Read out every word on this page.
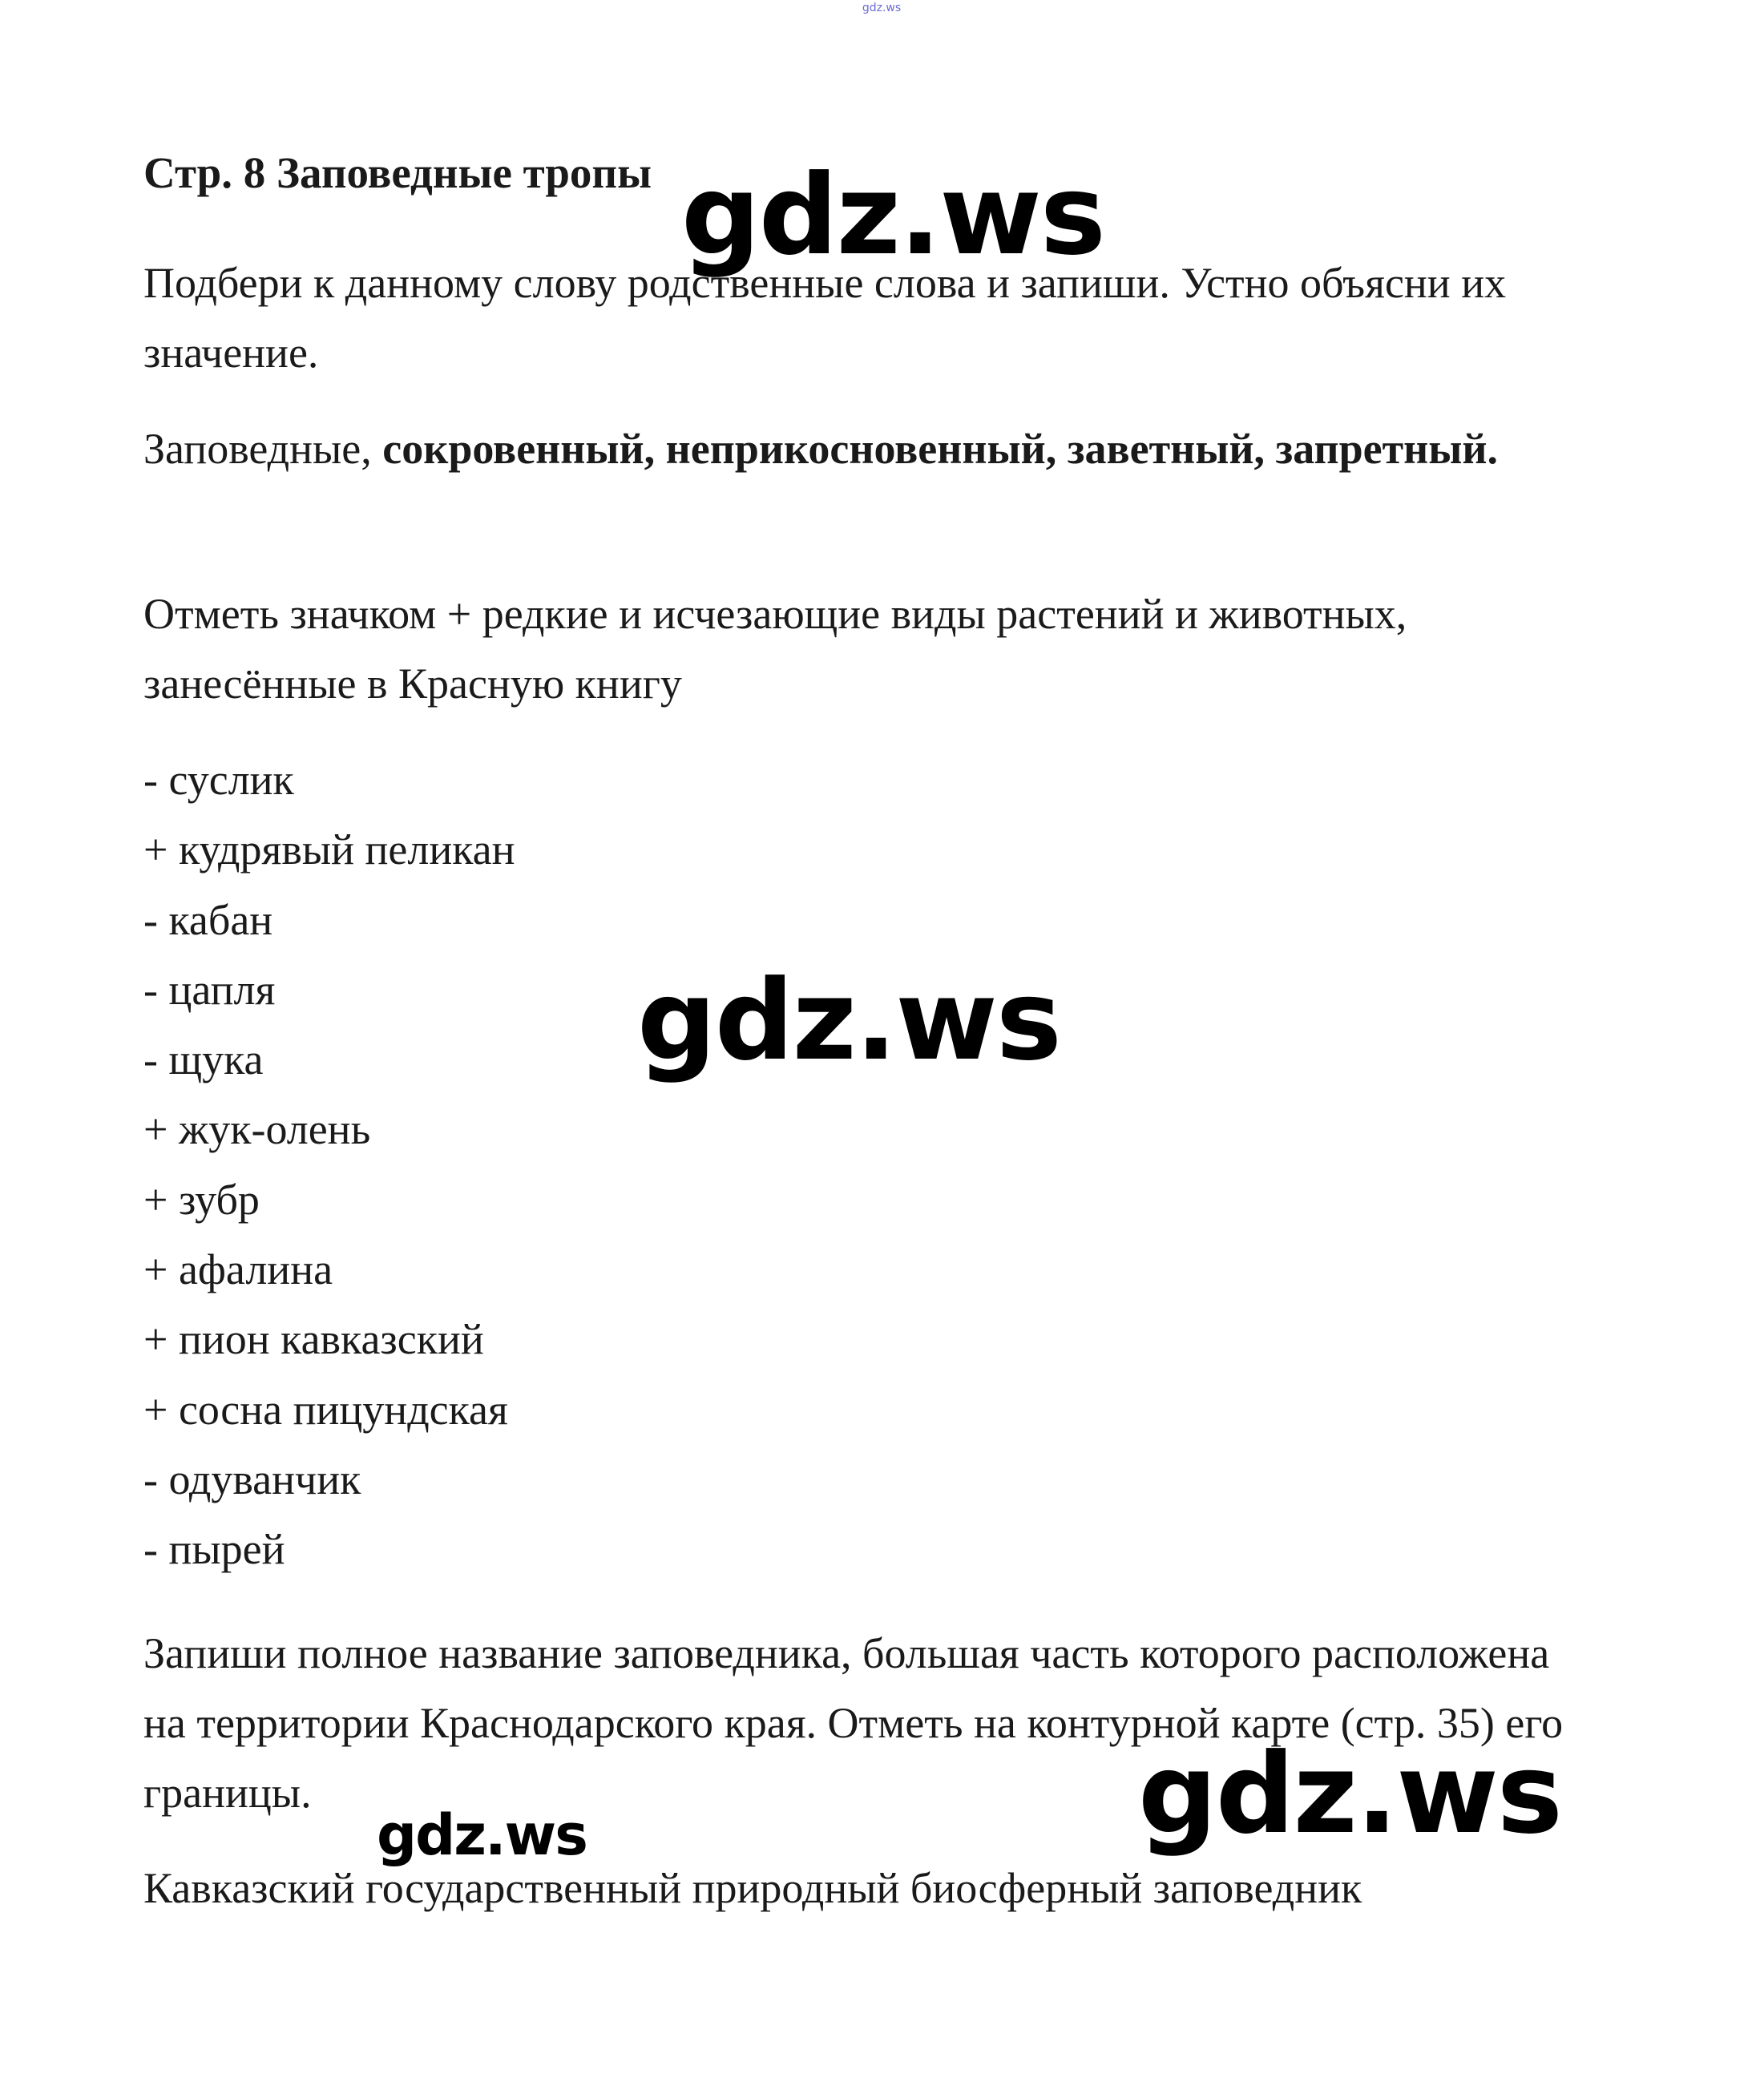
gdz.ws
Стр. 8 Заповедные тропы

Подбери к данному слову родственные слова и запиши. Устно объясни их значение.

Заповедные, сокровенный, неприкосновенный, заветный, запретный.

Отметь значком + редкие и исчезающие виды растений и животных, занесённые в Красную книгу

- суслик
+ кудрявый пеликан
- кабан
- цапля
- щука
+ жук-олень
+ зубр
+ афалина
+ пион кавказский
+ сосна пицундская
- одуванчик
- пырей

Запиши полное название заповедника, большая часть которого расположена на территории Краснодарского края. Отметь на контурной карте (стр. 35) его границы.

Кавказский государственный природный биосферный заповедник

gdz.ws
gdz.ws
gdz.ws
gdz.ws
